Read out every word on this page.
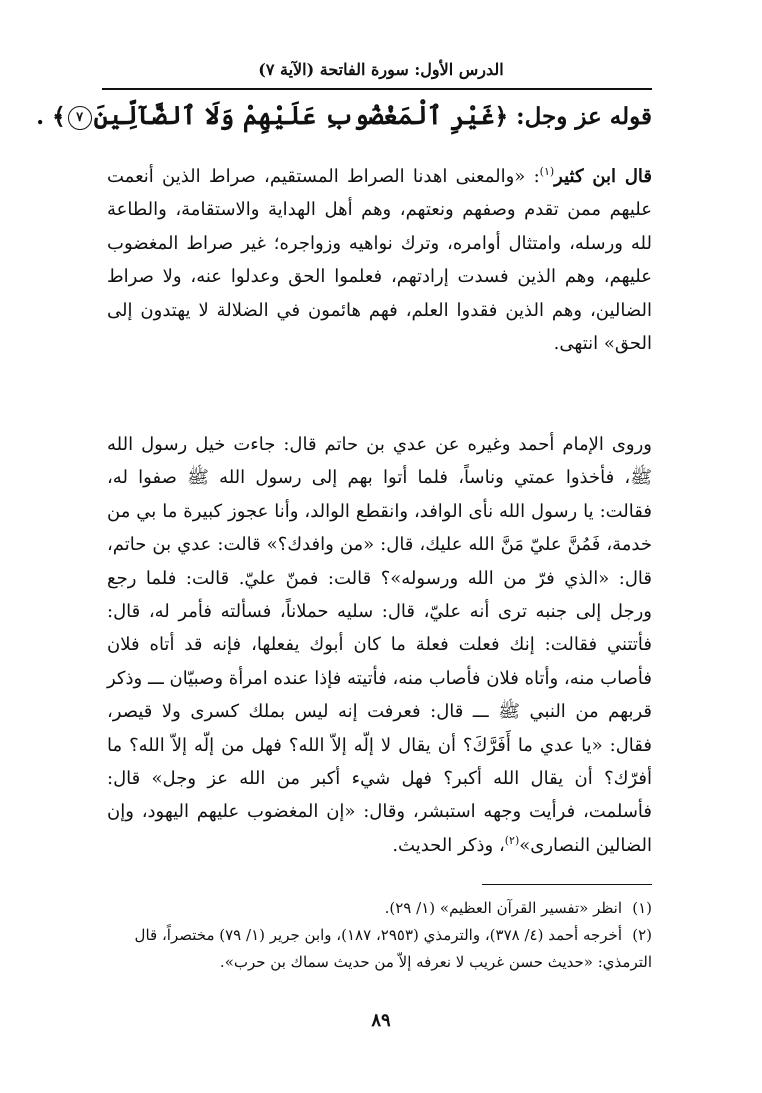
الدرس الأول: سورة الفاتحة (الآية ٧)
قوله عز وجل: ﴿غَيْرِ ٱلْمَغْضُوبِ عَلَيْهِمْ وَلَا ٱلضَّآلِّينَ٧﴾ .

قال ابن كثير$^{(١)}$: «والمعنى اهدنا الصراط المستقيم، صراط الذين أنعمت عليهم ممن تقدم وصفهم ونعتهم، وهم أهل الهداية والاستقامة، والطاعة لله ورسله، وامتثال أوامره، وترك نواهيه وزواجره؛ غير صراط المغضوب عليهم، وهم الذين فسدت إرادتهم، فعلموا الحق وعدلوا عنه، ولا صراط الضالين، وهم الذين فقدوا العلم، فهم هائمون في الضلالة لا يهتدون إلى الحق» انتهى.

وروى الإمام أحمد وغيره عن عدي بن حاتم قال: جاءت خيل رسول الله ﷺ، فأخذوا عمتي وناساً، فلما أتوا بهم إلى رسول الله ﷺ صفوا له، فقالت: يا رسول الله نأى الوافد، وانقطع الوالد، وأنا عجوز كبيرة ما بي من خدمة، فَمُنَّ عليّ مَنَّ الله عليك، قال: «من وافدك؟» قالت: عدي بن حاتم، قال: «الذي فرّ من الله ورسوله»؟ قالت: فمنّ عليّ. قالت: فلما رجع ورجل إلى جنبه ترى أنه عليّ، قال: سليه حملاناً، فسألته فأمر له، قال: فأتتني فقالت: إنك فعلت فعلة ما كان أبوك يفعلها، فإنه قد أتاه فلان فأصاب منه، وأتاه فلان فأصاب منه، فأتيته فإذا عنده امرأة وصبيّان ـــ وذكر قربهم من النبي ﷺ ـــ قال: فعرفت إنه ليس بملك كسرى ولا قيصر، فقال: «يا عدي ما أَفَرَّكَ؟ أن يقال لا إلّه إلاّ الله؟ فهل من إلّه إلاّ الله؟ ما أفرّك؟ أن يقال الله أكبر؟ فهل شيء أكبر من الله عز وجل» قال: فأسلمت، فرأيت وجهه استبشر، وقال: «إن المغضوب عليهم اليهود، وإن الضالين النصارى»$^{(٢)}$، وذكر الحديث.

(١)انظر «تفسير القرآن العظيم» (١/ ٢٩).
(٢)أخرجه أحمد (٤/ ٣٧٨)، والترمذي (٢٩٥٣، ١٨٧)، وابن جرير (١/ ٧٩) مختصراً، قال الترمذي: «حديث حسن غريب لا نعرفه إلاّ من حديث سماك بن حرب».
٨٩
